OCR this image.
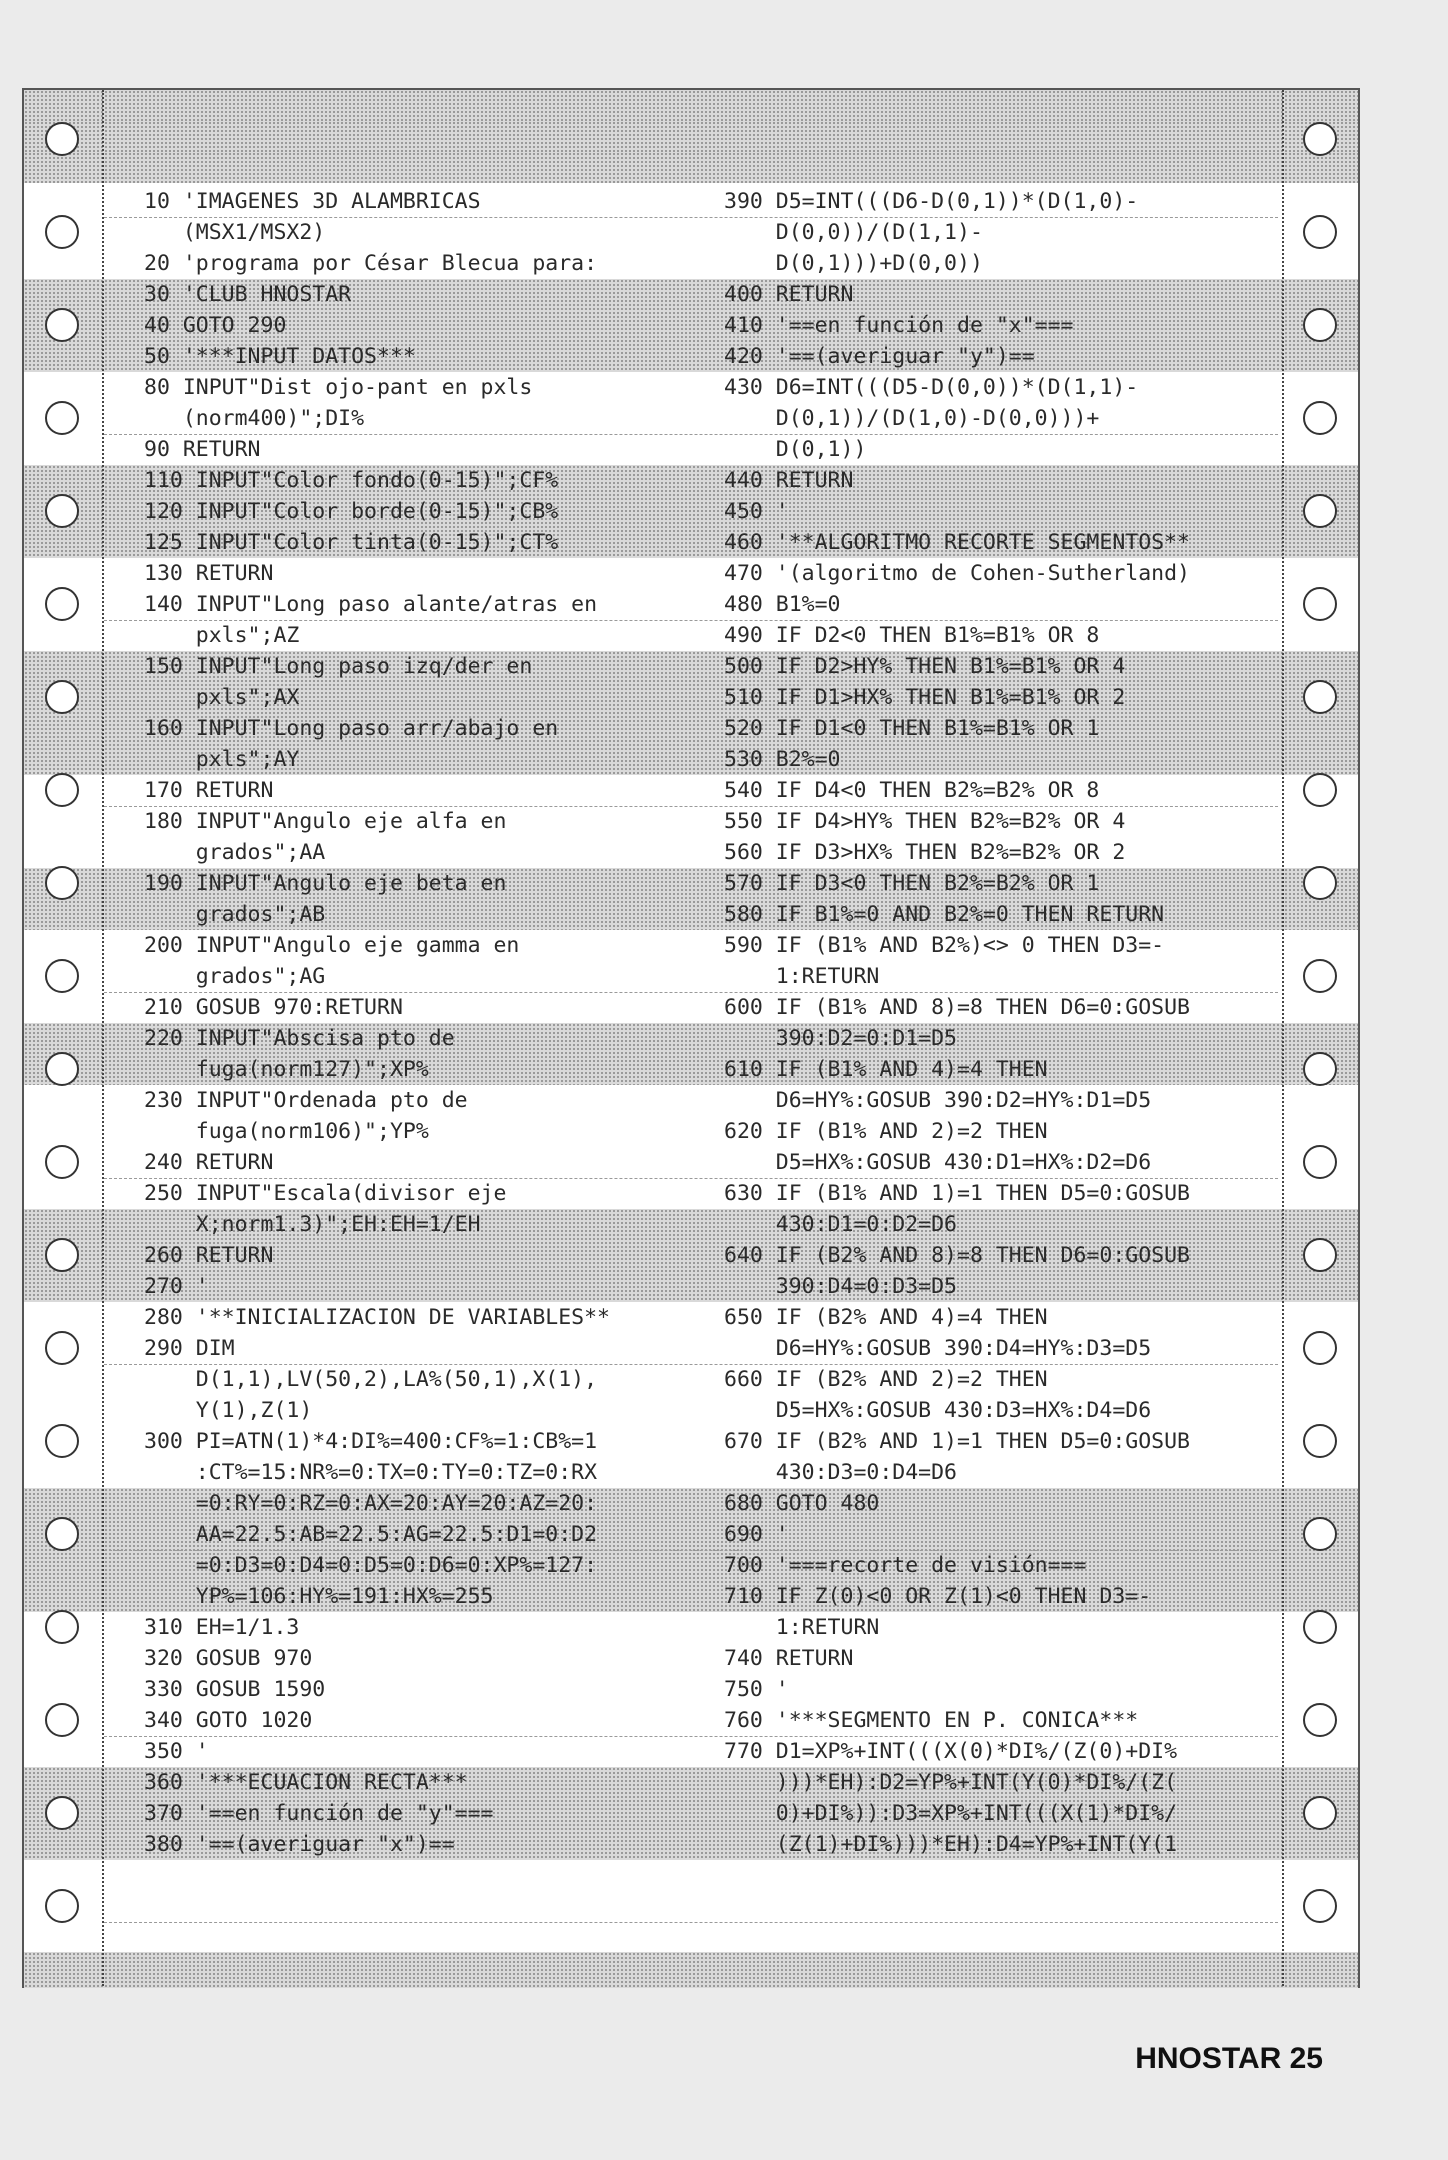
10 'IMAGENES 3D ALAMBRICAS
(MSX1/MSX2)
20 'programa por César Blecua para:
30 'CLUB HNOSTAR
40 GOTO 290
50 '***INPUT DATOS***
80 INPUT"Dist ojo-pant en pxls
(norm400)";DI%
90 RETURN
110 INPUT"Color fondo(0-15)";CF%
120 INPUT"Color borde(0-15)";CB%
125 INPUT"Color tinta(0-15)";CT%
130 RETURN
140 INPUT"Long paso alante/atras en
pxls";AZ
150 INPUT"Long paso izq/der en
pxls";AX
160 INPUT"Long paso arr/abajo en
pxls";AY
170 RETURN
180 INPUT"Angulo eje alfa en
grados";AA
190 INPUT"Angulo eje beta en
grados";AB
200 INPUT"Angulo eje gamma en
grados";AG
210 GOSUB 970:RETURN
220 INPUT"Abscisa pto de
fuga(norm127)";XP%
230 INPUT"Ordenada pto de
fuga(norm106)";YP%
240 RETURN
250 INPUT"Escala(divisor eje
X;norm1.3)";EH:EH=1/EH
260 RETURN
270 '
280 '**INICIALIZACION DE VARIABLES**
290 DIM
D(1,1),LV(50,2),LA%(50,1),X(1),
Y(1),Z(1)
300 PI=ATN(1)*4:DI%=400:CF%=1:CB%=1
:CT%=15:NR%=0:TX=0:TY=0:TZ=0:RX
=0:RY=0:RZ=0:AX=20:AY=20:AZ=20:
AA=22.5:AB=22.5:AG=22.5:D1=0:D2
=0:D3=0:D4=0:D5=0:D6=0:XP%=127:
YP%=106:HY%=191:HX%=255
310 EH=1/1.3
320 GOSUB 970
330 GOSUB 1590
340 GOTO 1020
350 '
360 '***ECUACION RECTA***
370 '==en función de "y"===
380 '==(averiguar "x")==
390 D5=INT(((D6-D(0,1))*(D(1,0)-
D(0,0))/(D(1,1)-
D(0,1)))+D(0,0))
400 RETURN
410 '==en función de "x"===
420 '==(averiguar "y")==
430 D6=INT(((D5-D(0,0))*(D(1,1)-
D(0,1))/(D(1,0)-D(0,0)))+
D(0,1))
440 RETURN
450 '
460 '**ALGORITMO RECORTE SEGMENTOS**
470 '(algoritmo de Cohen-Sutherland)
480 B1%=0
490 IF D2<0 THEN B1%=B1% OR 8
500 IF D2>HY% THEN B1%=B1% OR 4
510 IF D1>HX% THEN B1%=B1% OR 2
520 IF D1<0 THEN B1%=B1% OR 1
530 B2%=0
540 IF D4<0 THEN B2%=B2% OR 8
550 IF D4>HY% THEN B2%=B2% OR 4
560 IF D3>HX% THEN B2%=B2% OR 2
570 IF D3<0 THEN B2%=B2% OR 1
580 IF B1%=0 AND B2%=0 THEN RETURN
590 IF (B1% AND B2%)<> 0 THEN D3=-
1:RETURN
600 IF (B1% AND 8)=8 THEN D6=0:GOSUB
390:D2=0:D1=D5
610 IF (B1% AND 4)=4 THEN
D6=HY%:GOSUB 390:D2=HY%:D1=D5
620 IF (B1% AND 2)=2 THEN
D5=HX%:GOSUB 430:D1=HX%:D2=D6
630 IF (B1% AND 1)=1 THEN D5=0:GOSUB
430:D1=0:D2=D6
640 IF (B2% AND 8)=8 THEN D6=0:GOSUB
390:D4=0:D3=D5
650 IF (B2% AND 4)=4 THEN
D6=HY%:GOSUB 390:D4=HY%:D3=D5
660 IF (B2% AND 2)=2 THEN
D5=HX%:GOSUB 430:D3=HX%:D4=D6
670 IF (B2% AND 1)=1 THEN D5=0:GOSUB
430:D3=0:D4=D6
680 GOTO 480
690 '
700 '===recorte de visión===
710 IF Z(0)<0 OR Z(1)<0 THEN D3=-
1:RETURN
740 RETURN
750 '
760 '***SEGMENTO EN P. CONICA***
770 D1=XP%+INT(((X(0)*DI%/(Z(0)+DI%
)))*EH):D2=YP%+INT(Y(0)*DI%/(Z(
0)+DI%)):D3=XP%+INT(((X(1)*DI%/
(Z(1)+DI%)))*EH):D4=YP%+INT(Y(1
HNOSTAR 25
